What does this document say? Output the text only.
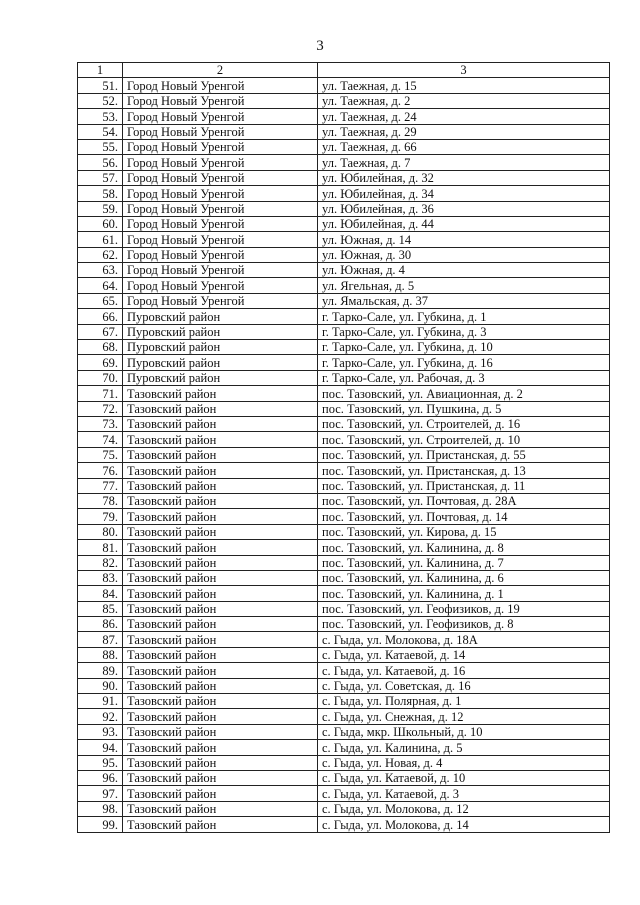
3
1	2	3
51.	Город Новый Уренгой	ул. Таежная, д. 15
52.	Город Новый Уренгой	ул. Таежная, д. 2
53.	Город Новый Уренгой	ул. Таежная, д. 24
54.	Город Новый Уренгой	ул. Таежная, д. 29
55.	Город Новый Уренгой	ул. Таежная, д. 66
56.	Город Новый Уренгой	ул. Таежная, д. 7
57.	Город Новый Уренгой	ул. Юбилейная, д. 32
58.	Город Новый Уренгой	ул. Юбилейная, д. 34
59.	Город Новый Уренгой	ул. Юбилейная, д. 36
60.	Город Новый Уренгой	ул. Юбилейная, д. 44
61.	Город Новый Уренгой	ул. Южная, д. 14
62.	Город Новый Уренгой	ул. Южная, д. 30
63.	Город Новый Уренгой	ул. Южная, д. 4
64.	Город Новый Уренгой	ул. Ягельная, д. 5
65.	Город Новый Уренгой	ул. Ямальская, д. 37
66.	Пуровский район	г. Тарко-Сале, ул. Губкина, д. 1
67.	Пуровский район	г. Тарко-Сале, ул. Губкина, д. 3
68.	Пуровский район	г. Тарко-Сале, ул. Губкина, д. 10
69.	Пуровский район	г. Тарко-Сале, ул. Губкина, д. 16
70.	Пуровский район	г. Тарко-Сале, ул. Рабочая, д. 3
71.	Тазовский район	пос. Тазовский, ул. Авиационная, д. 2
72.	Тазовский район	пос. Тазовский, ул. Пушкина, д. 5
73.	Тазовский район	пос. Тазовский, ул. Строителей, д. 16
74.	Тазовский район	пос. Тазовский, ул. Строителей, д. 10
75.	Тазовский район	пос. Тазовский, ул. Пристанская, д. 55
76.	Тазовский район	пос. Тазовский, ул. Пристанская, д. 13
77.	Тазовский район	пос. Тазовский, ул. Пристанская, д. 11
78.	Тазовский район	пос. Тазовский, ул. Почтовая, д. 28А
79.	Тазовский район	пос. Тазовский, ул. Почтовая, д. 14
80.	Тазовский район	пос. Тазовский, ул. Кирова, д. 15
81.	Тазовский район	пос. Тазовский, ул. Калинина, д. 8
82.	Тазовский район	пос. Тазовский, ул. Калинина, д. 7
83.	Тазовский район	пос. Тазовский, ул. Калинина, д. 6
84.	Тазовский район	пос. Тазовский, ул. Калинина, д. 1
85.	Тазовский район	пос. Тазовский, ул. Геофизиков, д. 19
86.	Тазовский район	пос. Тазовский, ул. Геофизиков, д. 8
87.	Тазовский район	с. Гыда, ул. Молокова, д. 18А
88.	Тазовский район	с. Гыда, ул. Катаевой, д. 14
89.	Тазовский район	с. Гыда, ул. Катаевой, д. 16
90.	Тазовский район	с. Гыда, ул. Советская, д. 16
91.	Тазовский район	с. Гыда, ул. Полярная, д. 1
92.	Тазовский район	с. Гыда, ул. Снежная, д. 12
93.	Тазовский район	с. Гыда, мкр. Школьный, д. 10
94.	Тазовский район	с. Гыда, ул. Калинина, д. 5
95.	Тазовский район	с. Гыда, ул. Новая, д. 4
96.	Тазовский район	с. Гыда, ул. Катаевой, д. 10
97.	Тазовский район	с. Гыда, ул. Катаевой, д. 3
98.	Тазовский район	с. Гыда, ул. Молокова, д. 12
99.	Тазовский район	с. Гыда, ул. Молокова, д. 14
